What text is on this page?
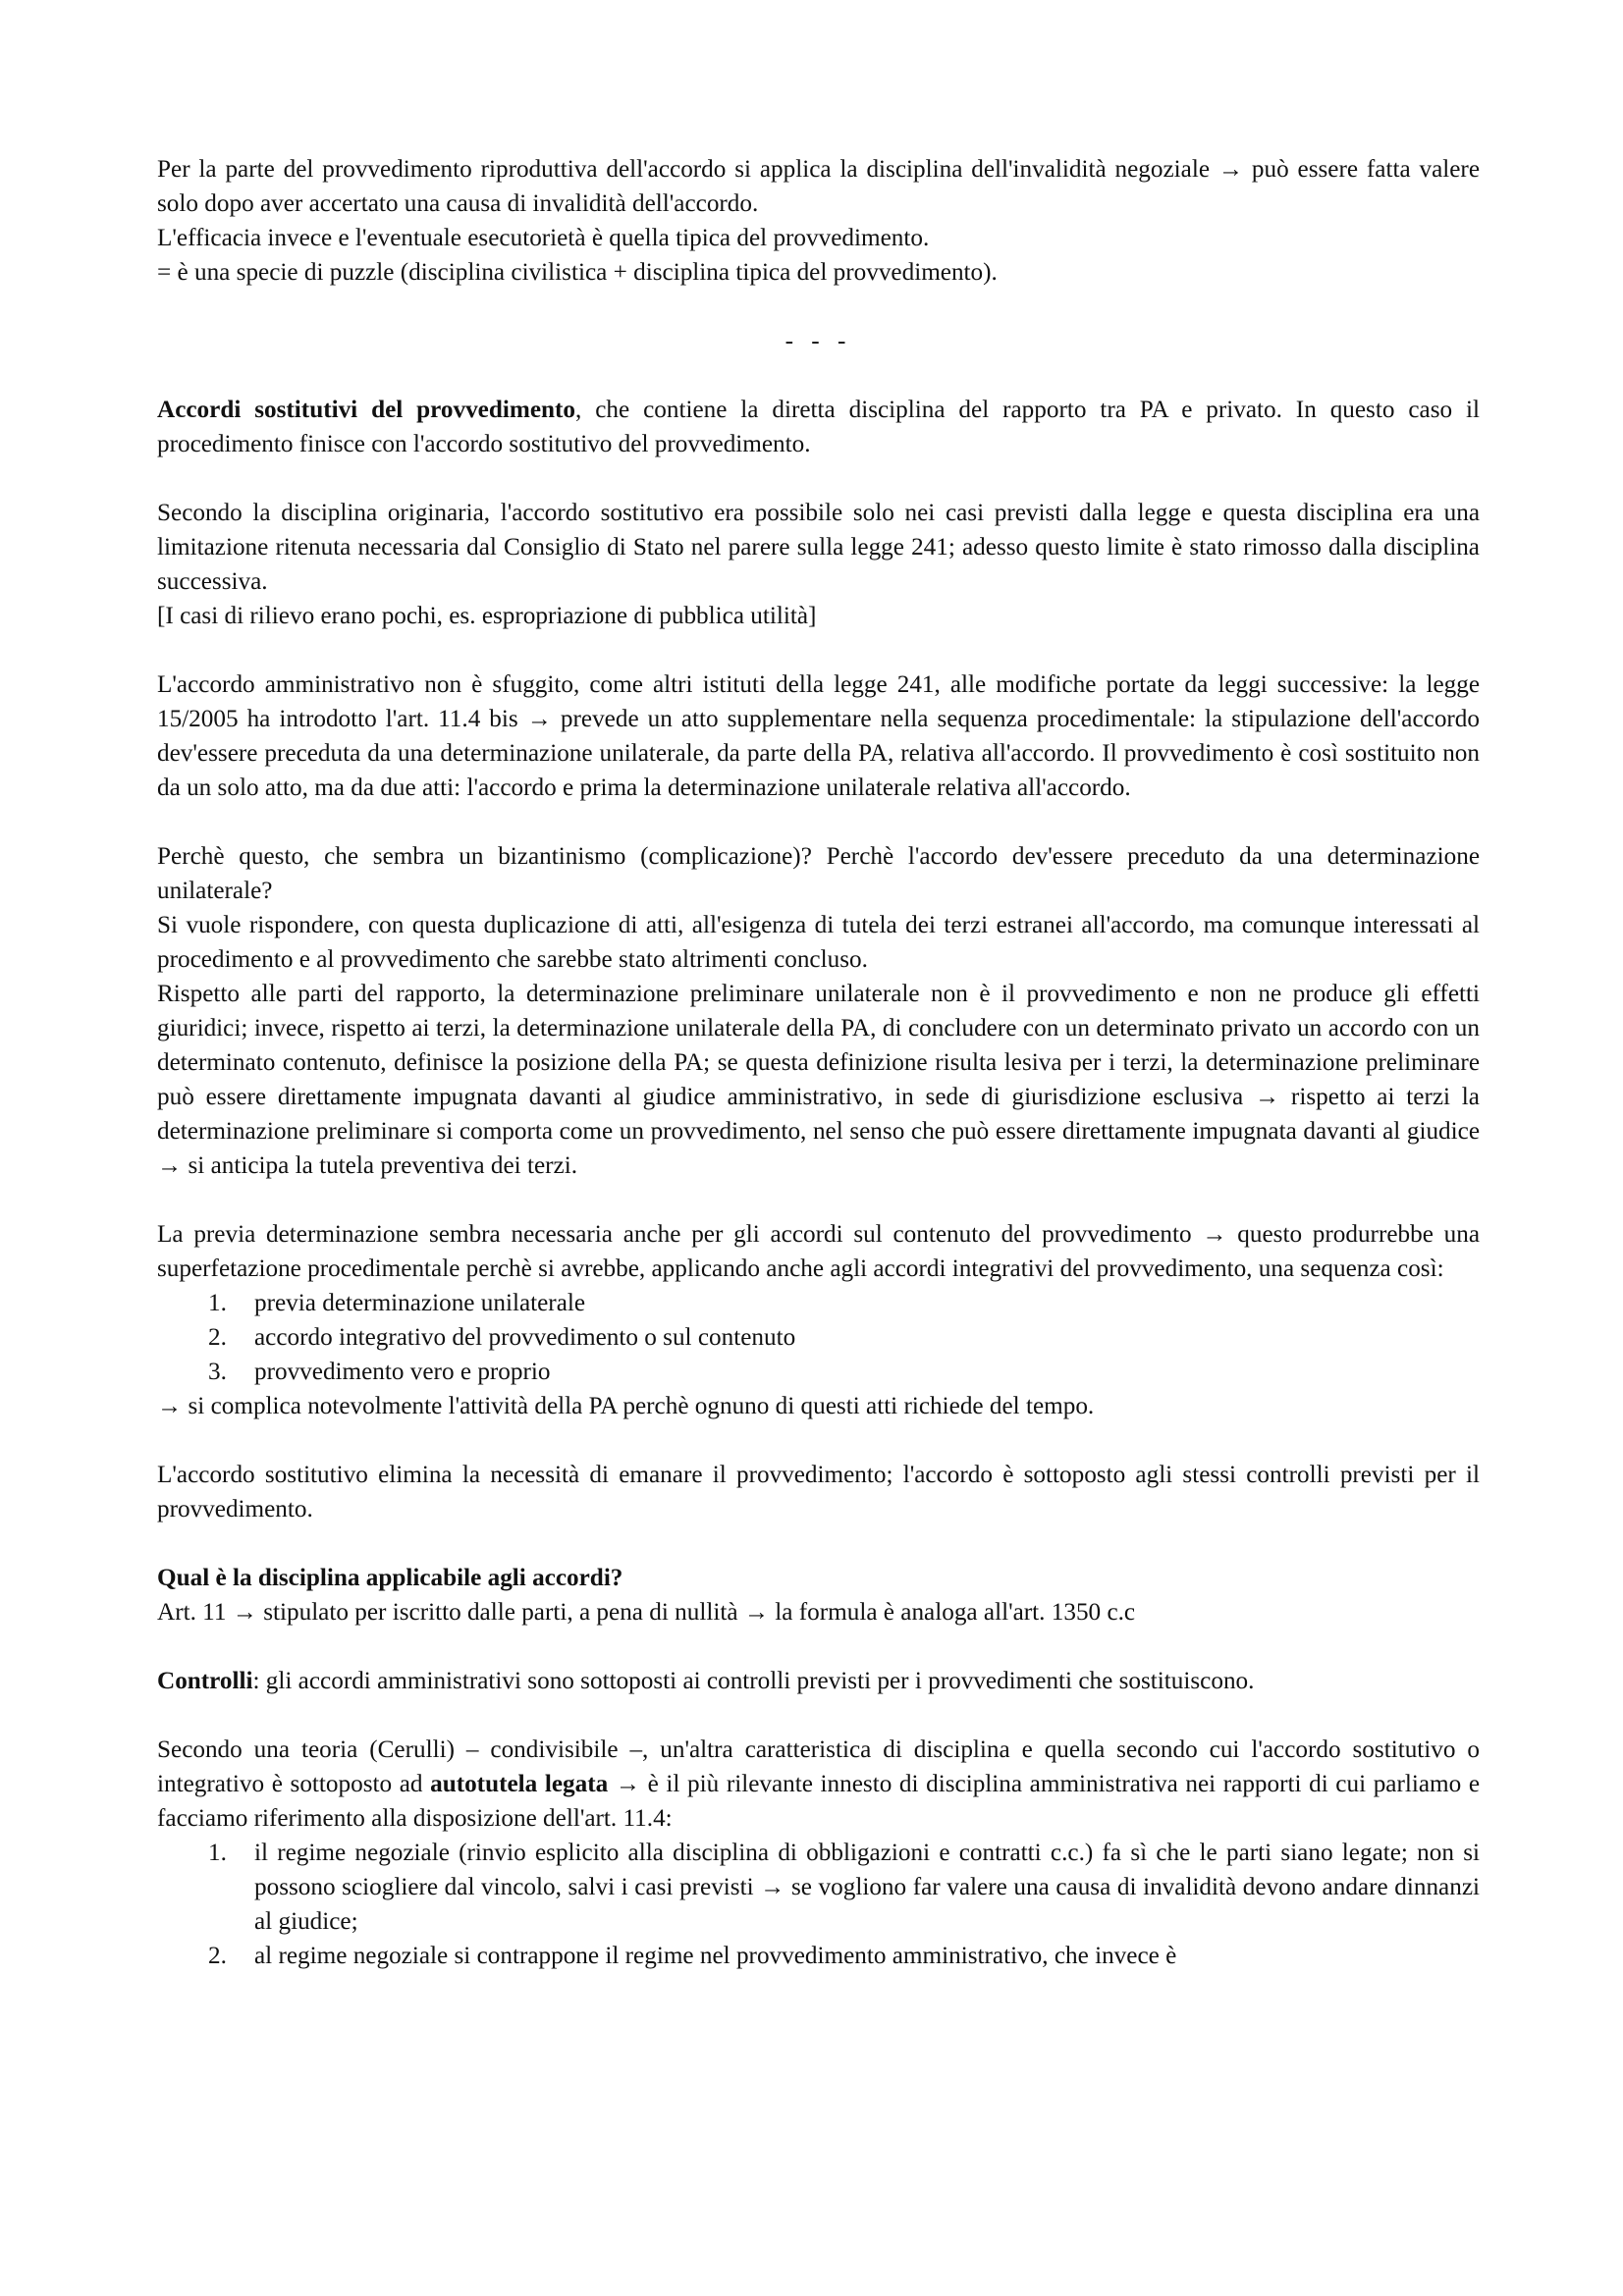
Per la parte del provvedimento riproduttiva dell'accordo si applica la disciplina dell'invalidità negoziale → può essere fatta valere solo dopo aver accertato una causa di invalidità dell'accordo.

L'efficacia invece e l'eventuale esecutorietà è quella tipica del provvedimento.

= è una specie di puzzle (disciplina civilistica + disciplina tipica del provvedimento).

- - -

Accordi sostitutivi del provvedimento, che contiene la diretta disciplina del rapporto tra PA e privato. In questo caso il procedimento finisce con l'accordo sostitutivo del provvedimento.

Secondo la disciplina originaria, l'accordo sostitutivo era possibile solo nei casi previsti dalla legge e questa disciplina era una limitazione ritenuta necessaria dal Consiglio di Stato nel parere sulla legge 241; adesso questo limite è stato rimosso dalla disciplina successiva.

[I casi di rilievo erano pochi, es. espropriazione di pubblica utilità]

L'accordo amministrativo non è sfuggito, come altri istituti della legge 241, alle modifiche portate da leggi successive: la legge 15/2005 ha introdotto l'art. 11.4 bis → prevede un atto supplementare nella sequenza procedimentale: la stipulazione dell'accordo dev'essere preceduta da una determinazione unilaterale, da parte della PA, relativa all'accordo. Il provvedimento è così sostituito non da un solo atto, ma da due atti: l'accordo e prima la determinazione unilaterale relativa all'accordo.

Perchè questo, che sembra un bizantinismo (complicazione)? Perchè l'accordo dev'essere preceduto da una determinazione unilaterale?

Si vuole rispondere, con questa duplicazione di atti, all'esigenza di tutela dei terzi estranei all'accordo, ma comunque interessati al procedimento e al provvedimento che sarebbe stato altrimenti concluso.

Rispetto alle parti del rapporto, la determinazione preliminare unilaterale non è il provvedimento e non ne produce gli effetti giuridici; invece, rispetto ai terzi, la determinazione unilaterale della PA, di concludere con un determinato privato un accordo con un determinato contenuto, definisce la posizione della PA; se questa definizione risulta lesiva per i terzi, la determinazione preliminare può essere direttamente impugnata davanti al giudice amministrativo, in sede di giurisdizione esclusiva → rispetto ai terzi la determinazione preliminare si comporta come un provvedimento, nel senso che può essere direttamente impugnata davanti al giudice → si anticipa la tutela preventiva dei terzi.

La previa determinazione sembra necessaria anche per gli accordi sul contenuto del provvedimento → questo produrrebbe una superfetazione procedimentale perchè si avrebbe, applicando anche agli accordi integrativi del provvedimento, una sequenza così:

1. previa determinazione unilaterale
2. accordo integrativo del provvedimento o sul contenuto
3. provvedimento vero e proprio

→ si complica notevolmente l'attività della PA perchè ognuno di questi atti richiede del tempo.

L'accordo sostitutivo elimina la necessità di emanare il provvedimento; l'accordo è sottoposto agli stessi controlli previsti per il provvedimento.

Qual è la disciplina applicabile agli accordi?

Art. 11 → stipulato per iscritto dalle parti, a pena di nullità → la formula è analoga all'art. 1350 c.c

Controlli: gli accordi amministrativi sono sottoposti ai controlli previsti per i provvedimenti che sostituiscono.

Secondo una teoria (Cerulli) – condivisibile –, un'altra caratteristica di disciplina e quella secondo cui l'accordo sostitutivo o integrativo è sottoposto ad autotutela legata → è il più rilevante innesto di disciplina amministrativa nei rapporti di cui parliamo e facciamo riferimento alla disposizione dell'art. 11.4:

1. il regime negoziale (rinvio esplicito alla disciplina di obbligazioni e contratti c.c.) fa sì che le parti siano legate; non si possono sciogliere dal vincolo, salvi i casi previsti → se vogliono far valere una causa di invalidità devono andare dinnanzi al giudice;
2. al regime negoziale si contrappone il regime nel provvedimento amministrativo, che invece è
